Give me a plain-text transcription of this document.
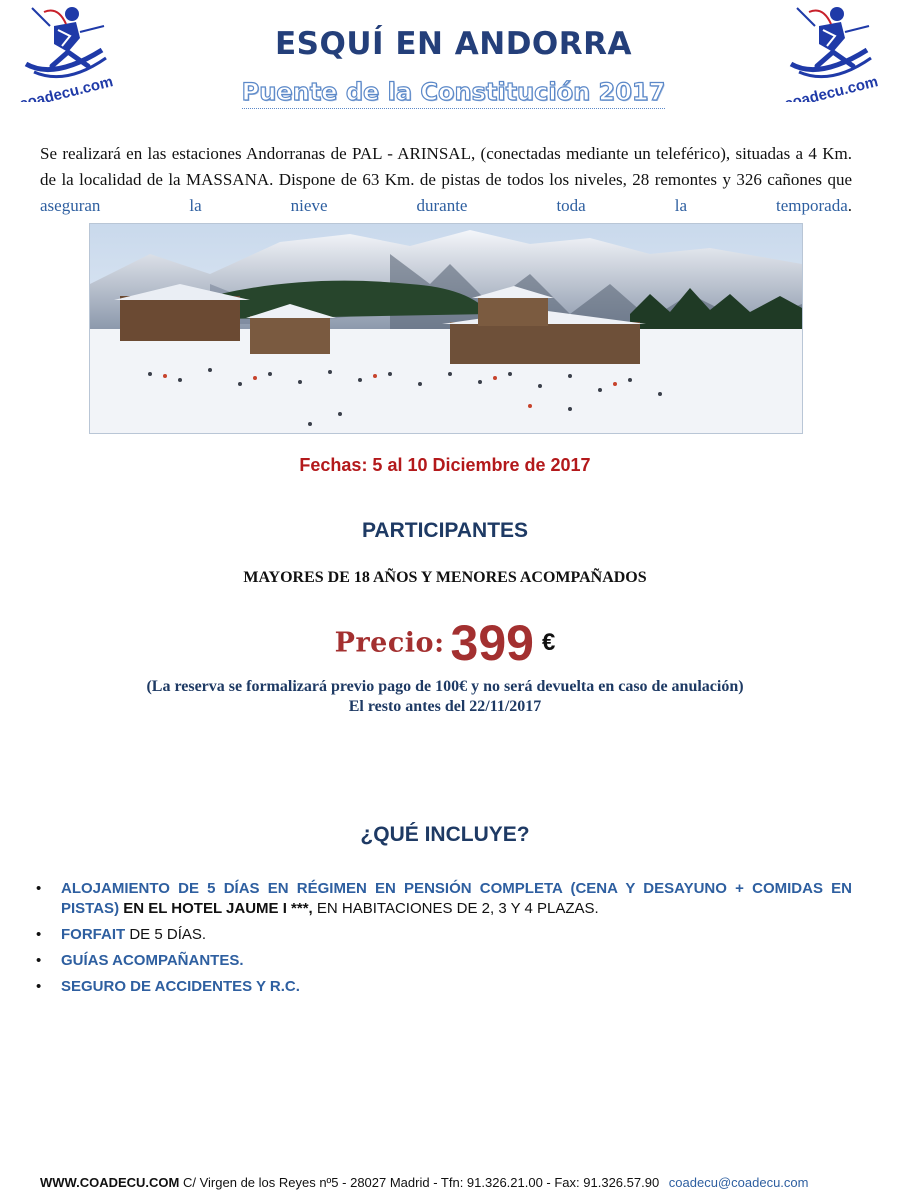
coadecu.com	coadecu.com
ESQUÍ EN ANDORRA
Puente de la Constitución 2017
Se realizará en las estaciones Andorranas de PAL - ARINSAL, (conectadas mediante un teleférico), situadas a 4 Km. de la localidad de la MASSANA. Dispone de 63 Km. de pistas de todos los niveles, 28 remontes y 326 cañones que aseguran la nieve durante toda la temporada.
Fechas: 5 al 10 Diciembre de 2017
PARTICIPANTES
MAYORES DE 18 AÑOS Y MENORES ACOMPAÑADOS
Precio: 399 €
(La reserva se formalizará previo pago de 100€ y no será devuelta en caso de anulación)
El resto antes del 22/11/2017
¿QUÉ INCLUYE?
• ALOJAMIENTO DE 5 DÍAS EN RÉGIMEN EN PENSIÓN COMPLETA (CENA Y DESAYUNO + COMIDAS EN PISTAS) EN EL HOTEL JAUME I ***, EN HABITACIONES DE 2, 3 Y 4 PLAZAS.
• FORFAIT DE 5 DÍAS.
• GUÍAS ACOMPAÑANTES.
• SEGURO DE ACCIDENTES Y R.C.
WWW.COADECU.COM C/ Virgen de los Reyes nº5 - 28027 Madrid - Tfn: 91.326.21.00 - Fax: 91.326.57.90 coadecu@coadecu.com
